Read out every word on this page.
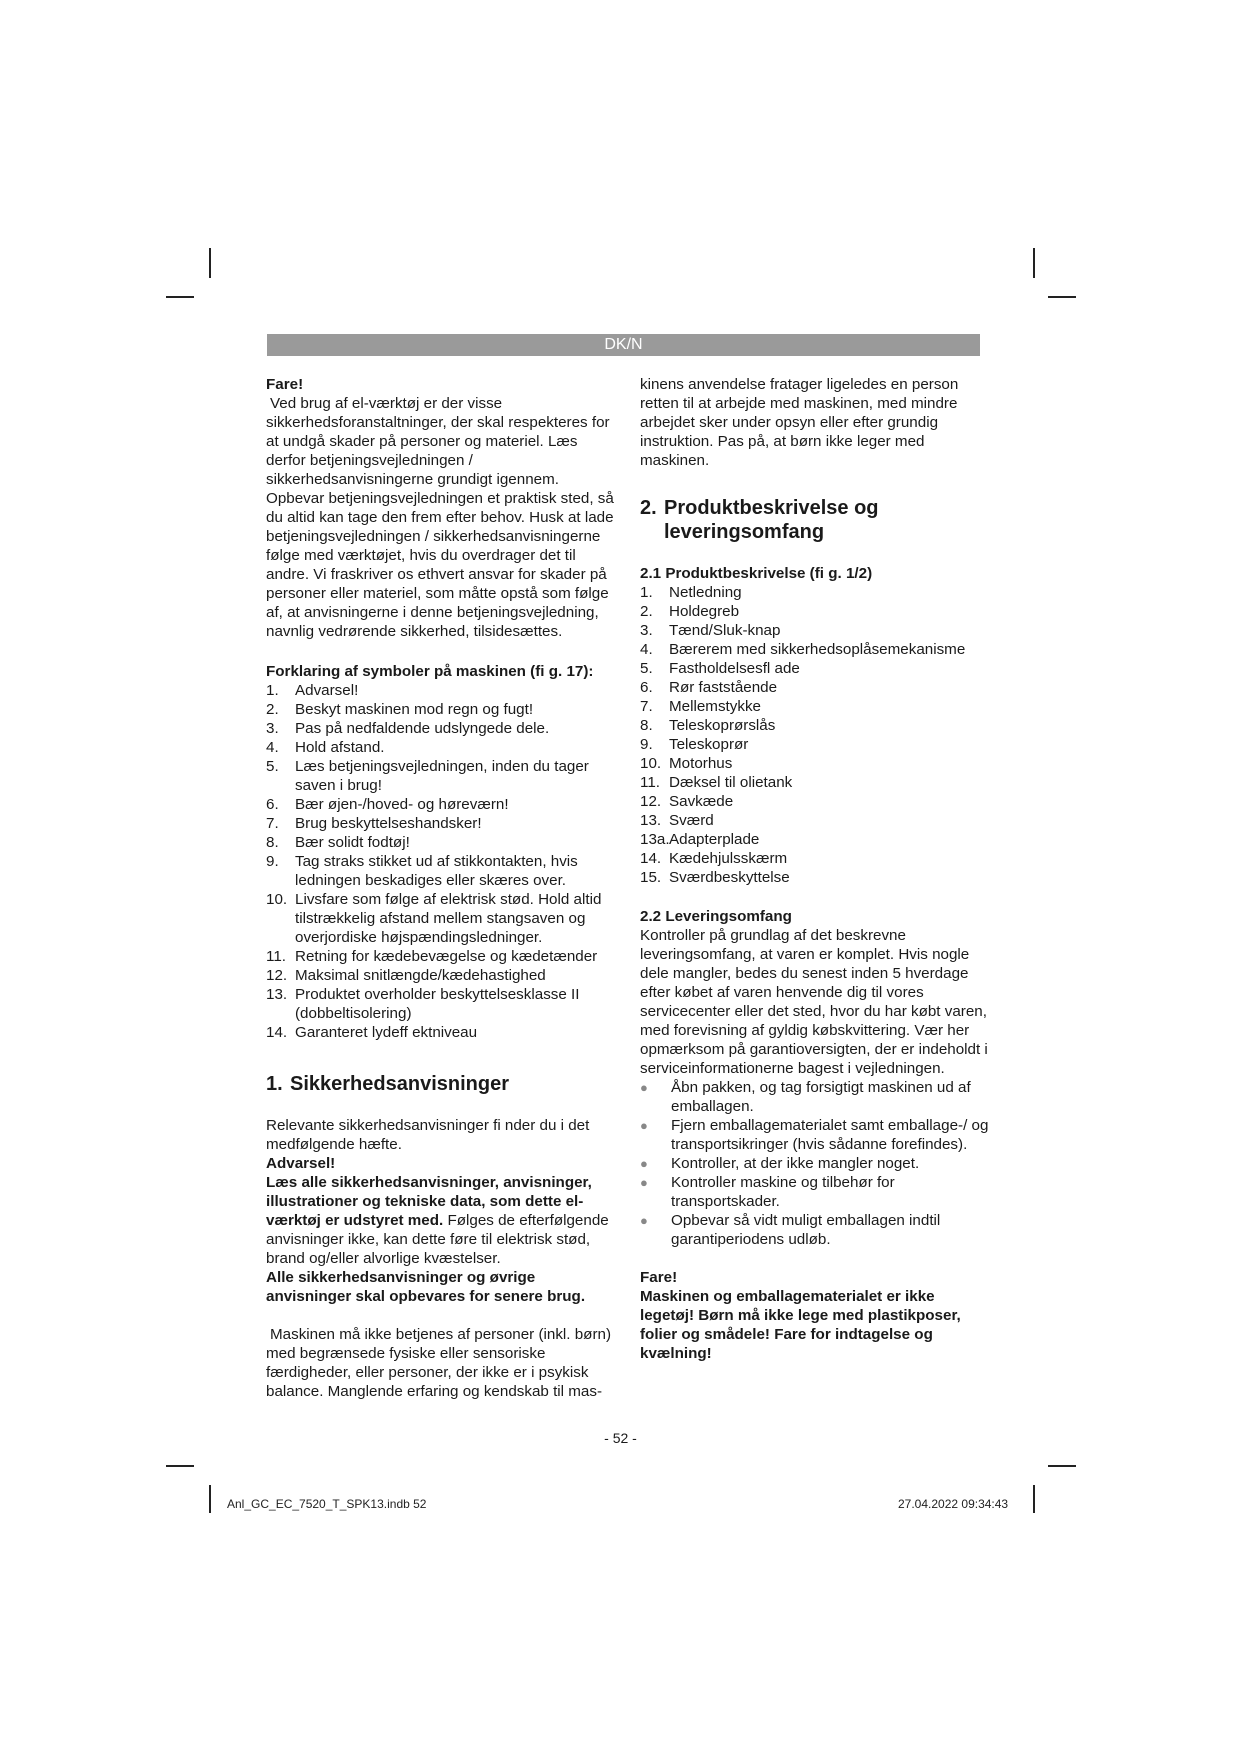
DK/N

Fare!

Ved brug af el-værktøj er der visse sikkerhedsforanstaltninger, der skal respekteres for at undgå skader på personer og materiel. Læs derfor betjeningsvejledningen / sikkerhedsanvisningerne grundigt igennem. Opbevar betjeningsvejledningen et praktisk sted, så du altid kan tage den frem efter behov. Husk at lade betjeningsvejledningen / sikkerhedsanvisningerne følge med værktøjet, hvis du overdrager det til andre. Vi fraskriver os ethvert ansvar for skader på personer eller materiel, som måtte opstå som følge af, at anvisningerne i denne betjeningsvejledning, navnlig vedrørende sikkerhed, tilsidesættes.

Forklaring af symboler på maskinen (fi g. 17):

1. Advarsel!
2. Beskyt maskinen mod regn og fugt!
3. Pas på nedfaldende udslyngede dele.
4. Hold afstand.
5. Læs betjeningsvejledningen, inden du tager saven i brug!
6. Bær øjen-/hoved- og høreværn!
7. Brug beskyttelseshandsker!
8. Bær solidt fodtøj!
9. Tag straks stikket ud af stikkontakten, hvis ledningen beskadiges eller skæres over.
10. Livsfare som følge af elektrisk stød. Hold altid tilstrækkelig afstand mellem stangsaven og overjordiske højspændingsledninger.
11. Retning for kædebevægelse og kædetænder
12. Maksimal snitlængde/kædehastighed
13. Produktet overholder beskyttelsesklasse II (dobbeltisolering)
14. Garanteret lydeff ektniveau
1. Sikkerhedsanvisninger

Relevante sikkerhedsanvisninger fi nder du i det medfølgende hæfte.

Advarsel!

Læs alle sikkerhedsanvisninger, anvisninger, illustrationer og tekniske data, som dette el-værktøj er udstyret med. Følges de efterfølgende anvisninger ikke, kan dette føre til elektrisk stød, brand og/eller alvorlige kvæstelser.

Alle sikkerhedsanvisninger og øvrige anvisninger skal opbevares for senere brug.

Maskinen må ikke betjenes af personer (inkl. børn) med begrænsede fysiske eller sensoriske færdigheder, eller personer, der ikke er i psykisk balance. Manglende erfaring og kendskab til mas-

kinens anvendelse fratager ligeledes en person retten til at arbejde med maskinen, med mindre arbejdet sker under opsyn eller efter grundig instruktion. Pas på, at børn ikke leger med maskinen.

2. Produktbeskrivelse og
leveringsomfang

2.1 Produktbeskrivelse (fi g. 1/2)

1. Netledning
2. Holdegreb
3. Tænd/Sluk-knap
4. Bærerem med sikkerhedsoplåsemekanisme
5. Fastholdelsesfl ade
6. Rør faststående
7. Mellemstykke
8. Teleskoprørslås
9. Teleskoprør
10. Motorhus
11. Dæksel til olietank
12. Savkæde
13. Sværd
13a. Adapterplade
14. Kædehjulsskærm
15. Sværdbeskyttelse

2.2 Leveringsomfang

Kontroller på grundlag af det beskrevne leveringsomfang, at varen er komplet. Hvis nogle dele mangler, bedes du senest inden 5 hverdage efter købet af varen henvende dig til vores servicecenter eller det sted, hvor du har købt varen, med forevisning af gyldig købskvittering. Vær her opmærksom på garantioversigten, der er indeholdt i serviceinformationerne bagest i vejledningen.

● Åbn pakken, og tag forsigtigt maskinen ud af emballagen.
● Fjern emballagematerialet samt emballage-/ og transportsikringer (hvis sådanne forefindes).
● Kontroller, at der ikke mangler noget.
● Kontroller maskine og tilbehør for transportskader.
● Opbevar så vidt muligt emballagen indtil garantiperiodens udløb.

Fare!

Maskinen og emballagematerialet er ikke legetøj! Børn må ikke lege med plastikposer, folier og smådele! Fare for indtagelse og kvælning!

- 52 -
Anl_GC_EC_7520_T_SPK13.indb 52	27.04.2022 09:34:43
